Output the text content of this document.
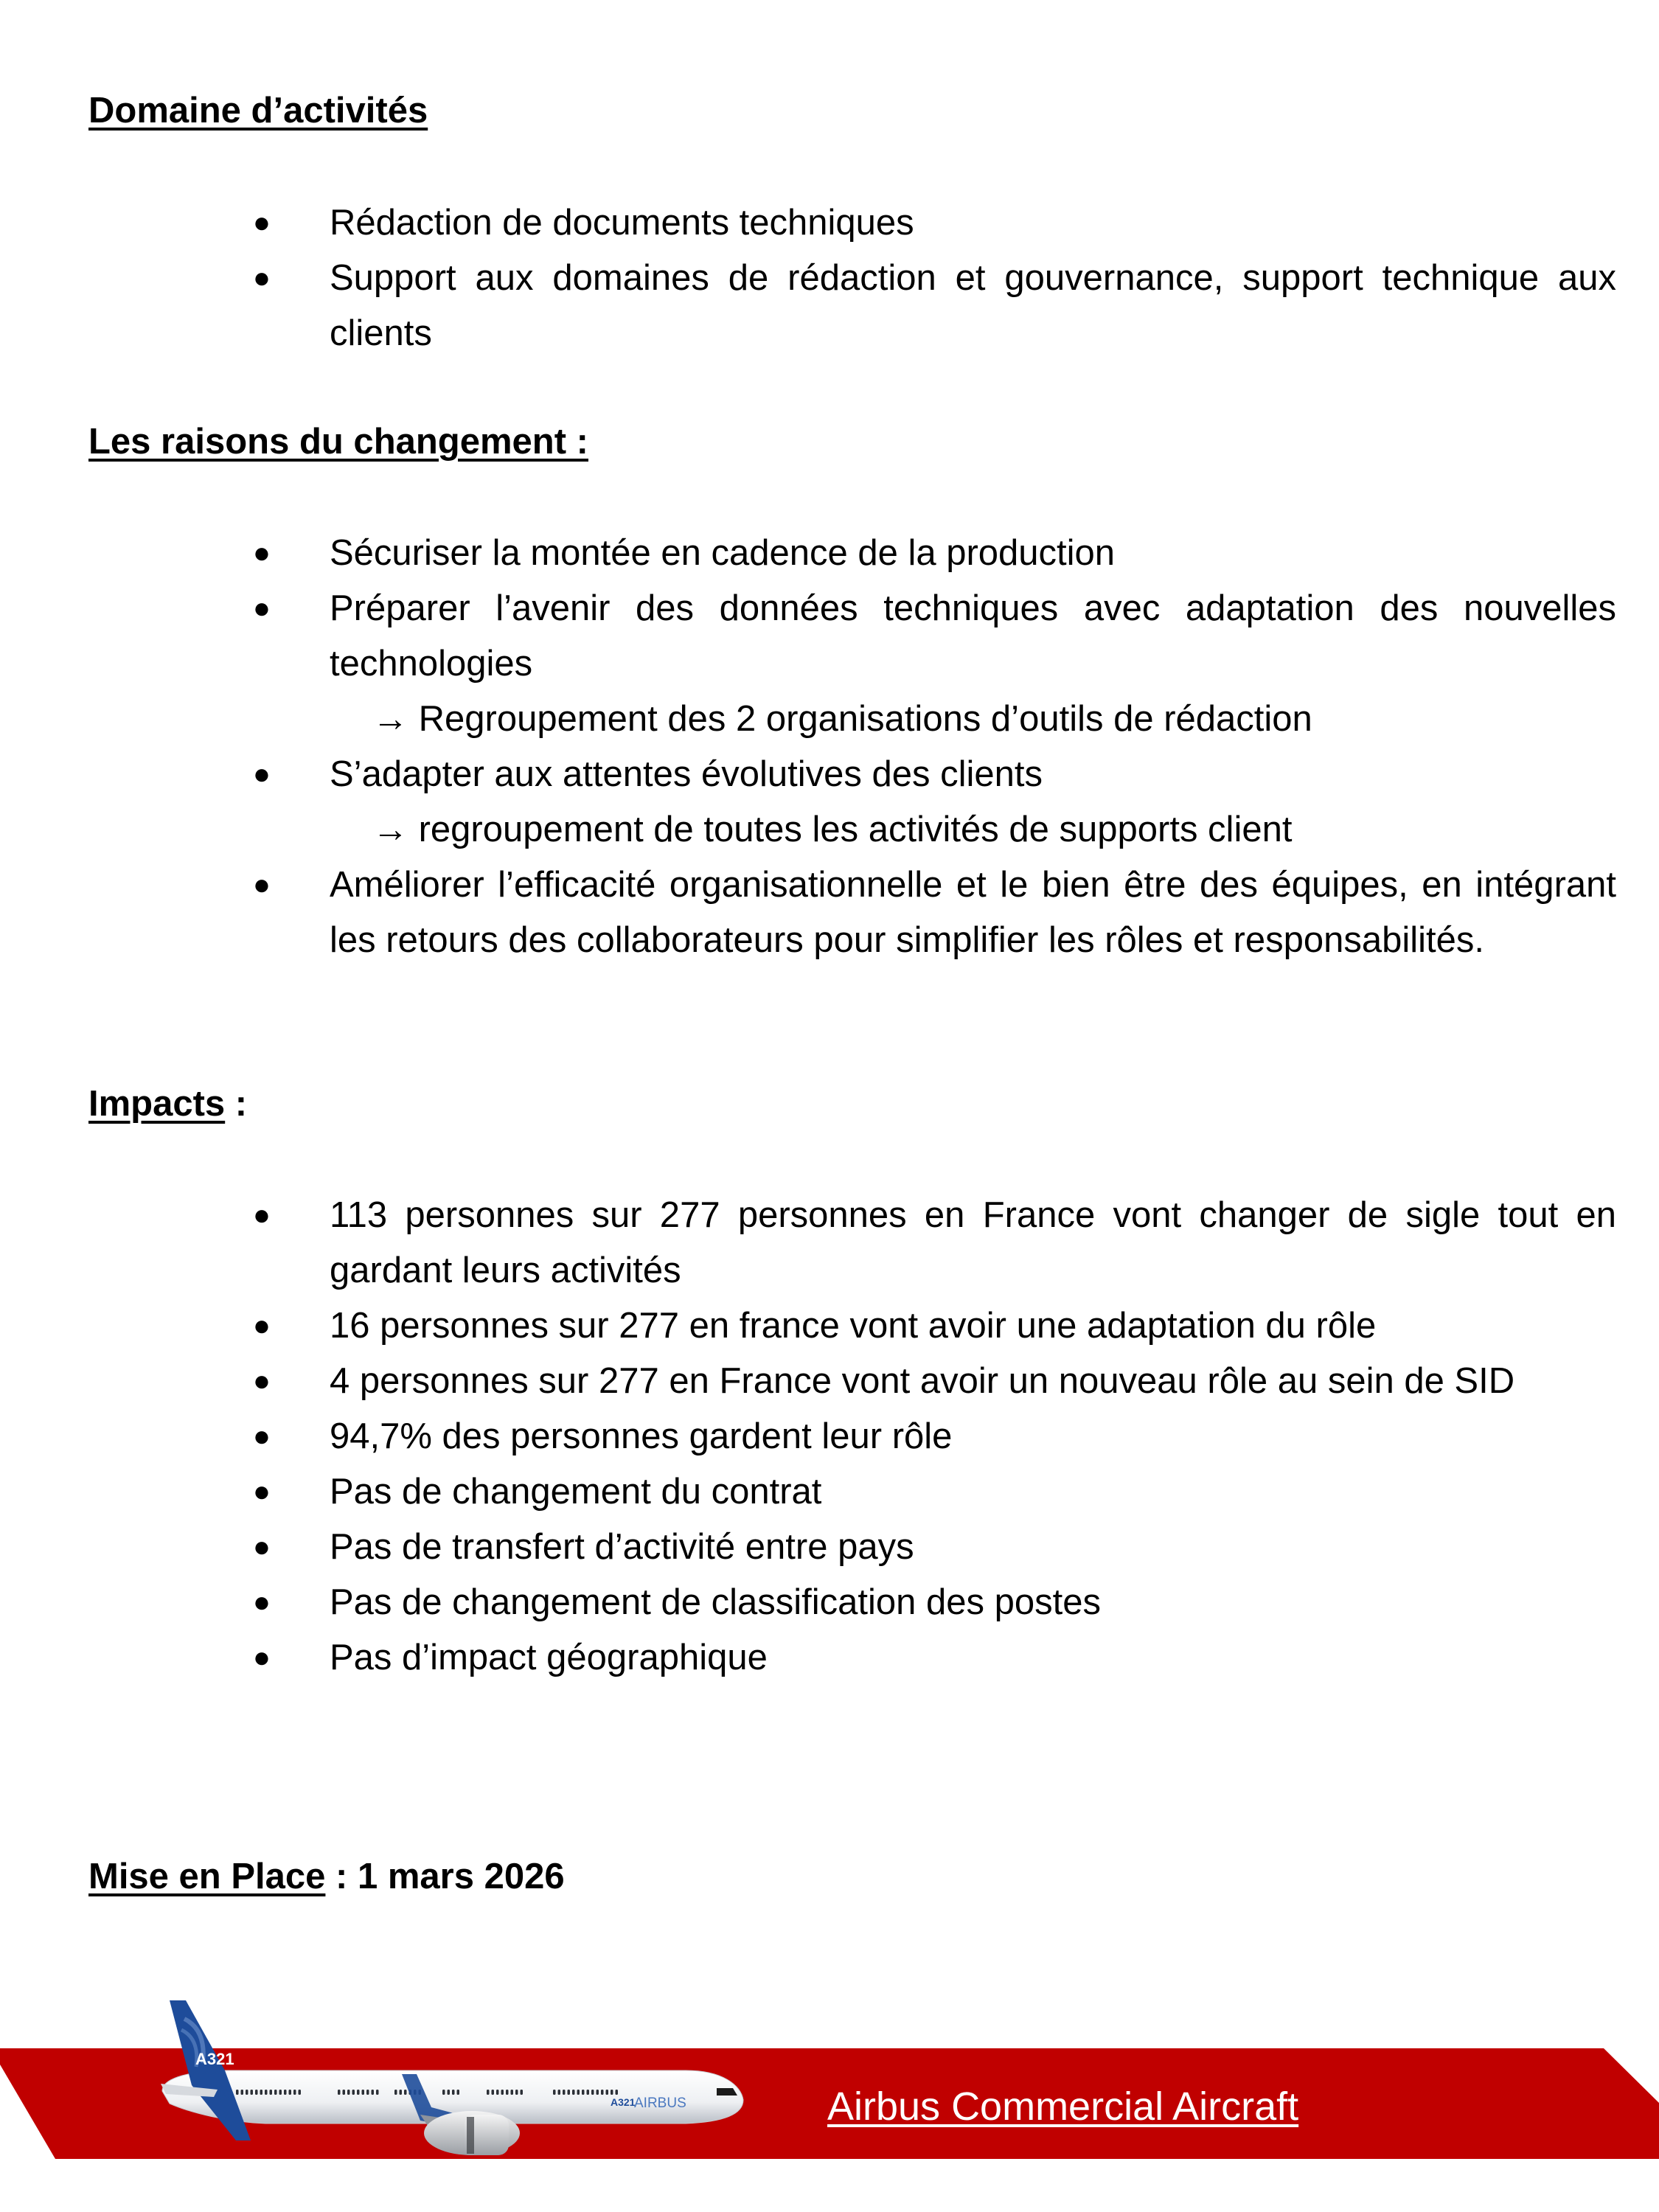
Domaine d’activités
● Rédaction de documents techniques
● Support aux domaines de rédaction et gouvernance, support technique aux clients
Les raisons du changement :
● Sécuriser la montée en cadence de la production
● Préparer l’avenir des données techniques avec adaptation des nouvelles technologies
→ Regroupement des 2 organisations d’outils de rédaction
● S’adapter aux attentes évolutives des clients
→ regroupement de toutes les activités de supports client
● Améliorer l’efficacité organisationnelle et le bien être des équipes, en intégrant les retours des collaborateurs pour simplifier les rôles et responsabilités.
Impacts :
● 113 personnes sur 277 personnes en France vont changer de sigle tout en gardant leurs activités
● 16 personnes sur 277 en france vont avoir une adaptation du rôle
● 4 personnes sur 277 en France vont avoir un nouveau rôle au sein de SID
● 94,7% des personnes gardent leur rôle
● Pas de changement du contrat
● Pas de transfert d’activité entre pays
● Pas de changement de classification des postes
● Pas d’impact géographique
Mise en Place : 1 mars 2026
A321
A321
AIRBUS	Airbus Commercial Aircraft
